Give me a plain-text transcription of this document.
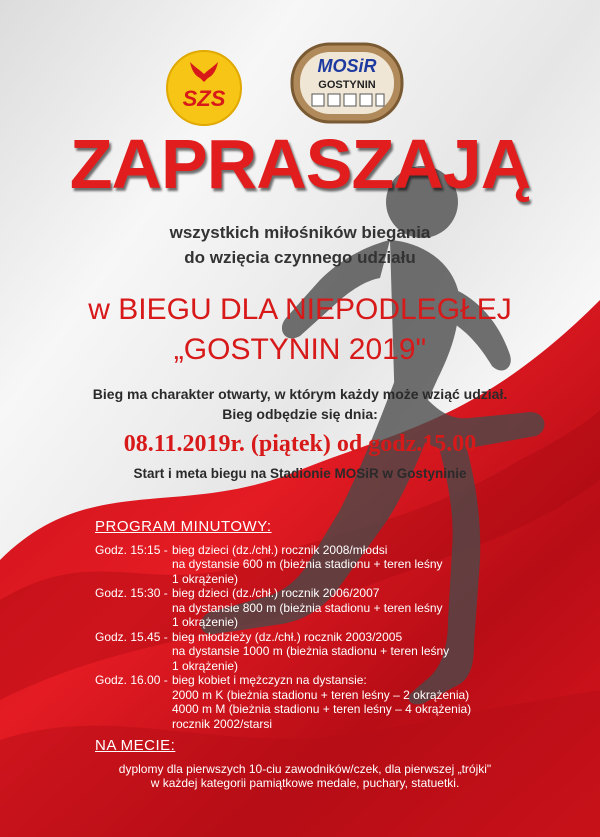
SZS
MOSiR
GOSTYNIN
ZAPRASZAJĄ
wszystkich miłośników biegania
do wzięcia czynnego udziału
w BIEGU DLA NIEPODLEGŁEJ
„GOSTYNIN 2019"
Bieg ma charakter otwarty, w którym każdy może wziąć udział.
Bieg odbędzie się dnia:
08.11.2019r. (piątek) od godz.15.00
Start i meta biegu na Stadionie MOSiR w Gostyninie
PROGRAM MINUTOWY:
Godz. 15:15 - bieg dzieci (dz./chł.) rocznik 2008/młodsi
na dystansie 600 m (bieżnia stadionu + teren leśny
1 okrążenie)
Godz. 15:30 - bieg dzieci (dz./chł.) rocznik 2006/2007
na dystansie 800 m (bieżnia stadionu + teren leśny
1 okrążenie)
Godz. 15.45 - bieg młodzieży (dz./chł.) rocznik 2003/2005
na dystansie 1000 m (bieżnia stadionu + teren leśny
1 okrążenie)
Godz. 16.00 - bieg kobiet i mężczyzn na dystansie:
2000 m K (bieżnia stadionu + teren leśny – 2 okrążenia)
4000 m M (bieżnia stadionu + teren leśny – 4 okrążenia)
rocznik 2002/starsi
NA MECIE:
dyplomy dla pierwszych 10-ciu zawodników/czek, dla pierwszej „trójki"
w każdej kategorii pamiątkowe medale, puchary, statuetki.
